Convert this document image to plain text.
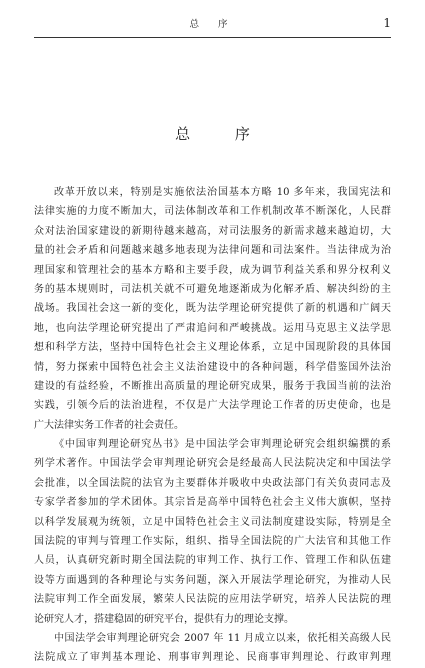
总 序	1
总 序
改革开放以来，特别是实施依法治国基本方略 10 多年来，我国宪法和
法律实施的力度不断加大，司法体制改革和工作机制改革不断深化，人民群
众对法治国家建设的新期待越来越高，对司法服务的新需求越来越迫切，大
量的社会矛盾和问题越来越多地表现为法律问题和司法案件。当法律成为治
理国家和管理社会的基本方略和主要手段，成为调节利益关系和界分权利义
务的基本规则时，司法机关就不可避免地逐渐成为化解矛盾、解决纠纷的主
战场。我国社会这一新的变化，既为法学理论研究提供了新的机遇和广阔天
地，也向法学理论研究提出了严肃追问和严峻挑战。运用马克思主义法学思
想和科学方法，坚持中国特色社会主义理论体系，立足中国现阶段的具体国
情，努力探索中国特色社会主义法治建设中的各种问题，科学借鉴国外法治
建设的有益经验，不断推出高质量的理论研究成果，服务于我国当前的法治
实践，引领今后的法治进程，不仅是广大法学理论工作者的历史使命，也是
广大法律实务工作者的社会责任。
《中国审判理论研究丛书》是中国法学会审判理论研究会组织编撰的系
列学术著作。中国法学会审判理论研究会是经最高人民法院决定和中国法学
会批准，以全国法院的法官为主要群体并吸收中央政法部门有关负责同志及
专家学者参加的学术团体。其宗旨是高举中国特色社会主义伟大旗帜，坚持
以科学发展观为统领，立足中国特色社会主义司法制度建设实际，特别是全
国法院的审判与管理工作实际，组织、指导全国法院的广大法官和其他工作
人员，认真研究新时期全国法院的审判工作、执行工作、管理工作和队伍建
设等方面遇到的各种理论与实务问题，深入开展法学理论研究，为推动人民
法院审判工作全面发展，繁荣人民法院的应用法学研究，培养人民法院的理
论研究人才，搭建稳固的研究平台，提供有力的理论支撑。
中国法学会审判理论研究会 2007 年 11 月成立以来，依托相关高级人民
法院成立了审判基本理论、刑事审判理论、民商事审判理论、行政审判理
